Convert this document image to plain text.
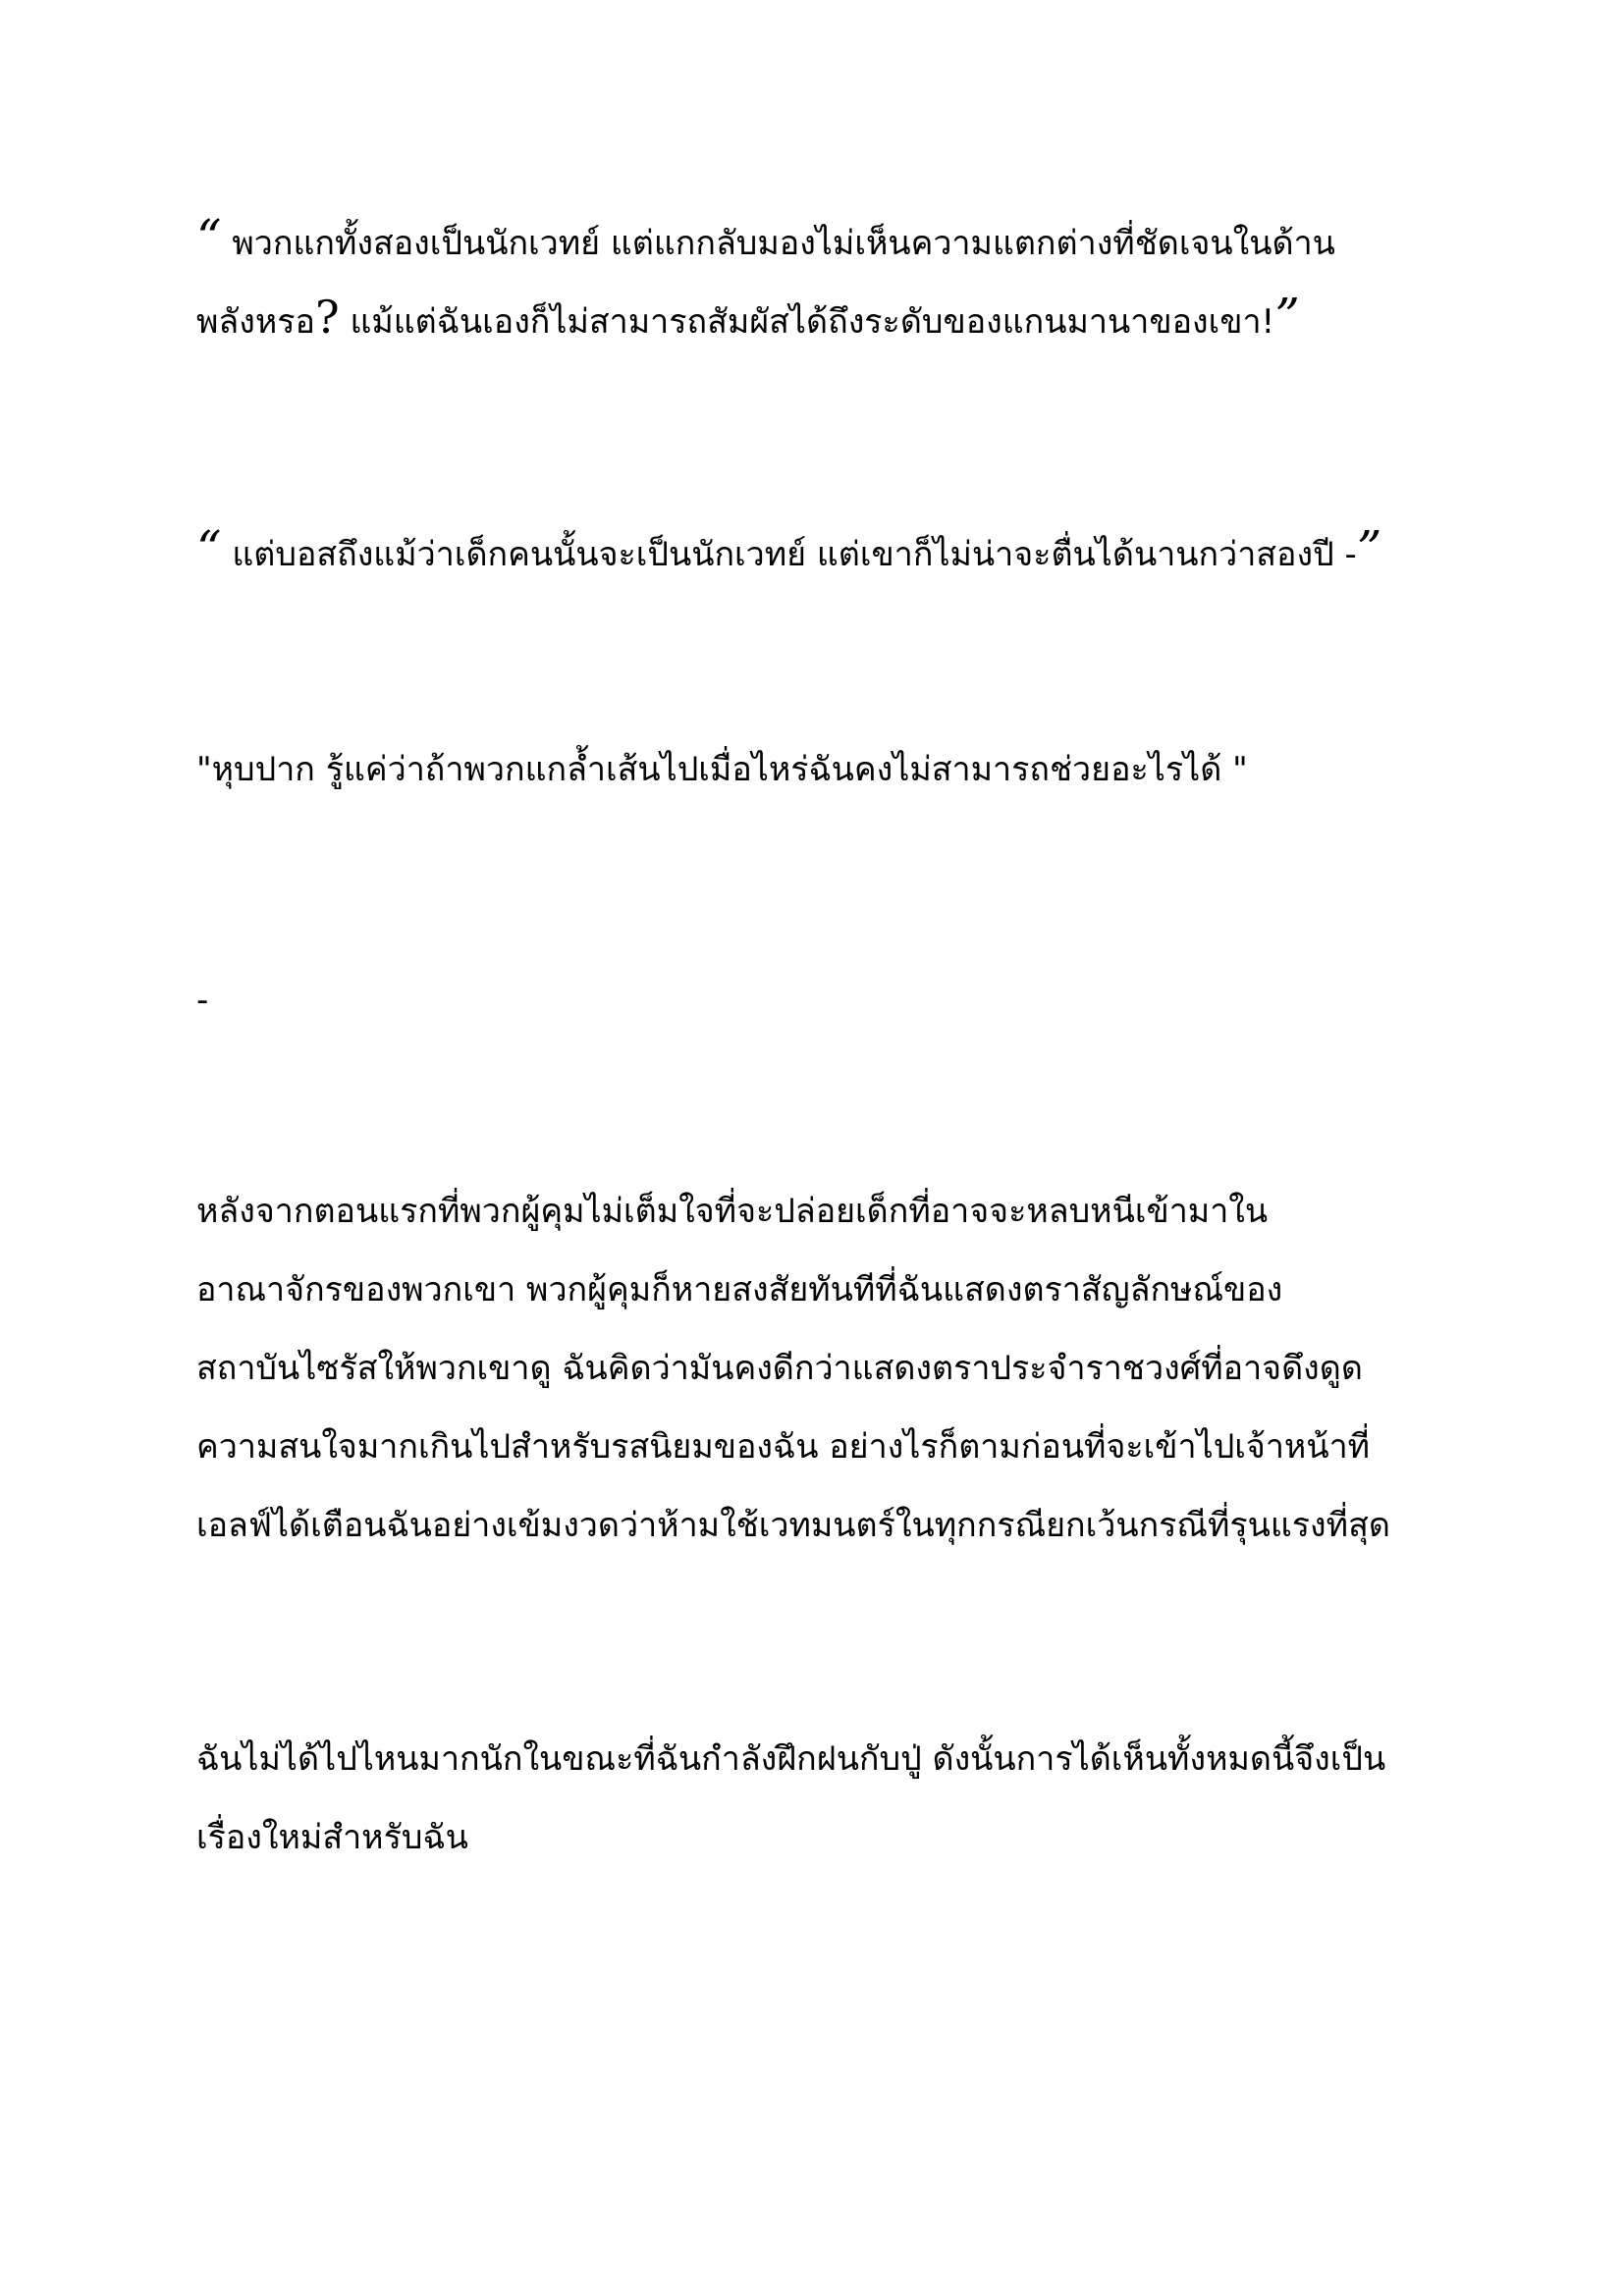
“ พวกแกทั้งสองเป็นนักเวทย์ แต่แกกลับมองไม่เห็นความแตกต่างที่ชัดเจนในด้าน
พลังหรอ? แม้แต่ฉันเองก็ไม่สามารถสัมผัสได้ถึงระดับของแกนมานาของเขา!”
“ แต่บอสถึงแม้ว่าเด็กคนนั้นจะเป็นนักเวทย์ แต่เขาก็ไม่น่าจะตื่นได้นานกว่าสองปี -”
"หุบปาก รู้แค่ว่าถ้าพวกแกล้ำเส้นไปเมื่อไหร่ฉันคงไม่สามารถช่วยอะไรได้ "
-
หลังจากตอนแรกที่พวกผู้คุมไม่เต็มใจที่จะปล่อยเด็กที่อาจจะหลบหนีเข้ามาใน
อาณาจักรของพวกเขา พวกผู้คุมก็หายสงสัยทันทีที่ฉันแสดงตราสัญลักษณ์ของ
สถาบันไซรัสให้พวกเขาดู ฉันคิดว่ามันคงดีกว่าแสดงตราประจำราชวงศ์ที่อาจดึงดูด
ความสนใจมากเกินไปสำหรับรสนิยมของฉัน อย่างไรก็ตามก่อนที่จะเข้าไปเจ้าหน้าที่
เอลฟ์ได้เตือนฉันอย่างเข้มงวดว่าห้ามใช้เวทมนตร์ในทุกกรณียกเว้นกรณีที่รุนแรงที่สุด
ฉันไม่ได้ไปไหนมากนักในขณะที่ฉันกำลังฝึกฝนกับปู่ ดังนั้นการได้เห็นทั้งหมดนี้จึงเป็น
เรื่องใหม่สำหรับฉัน
